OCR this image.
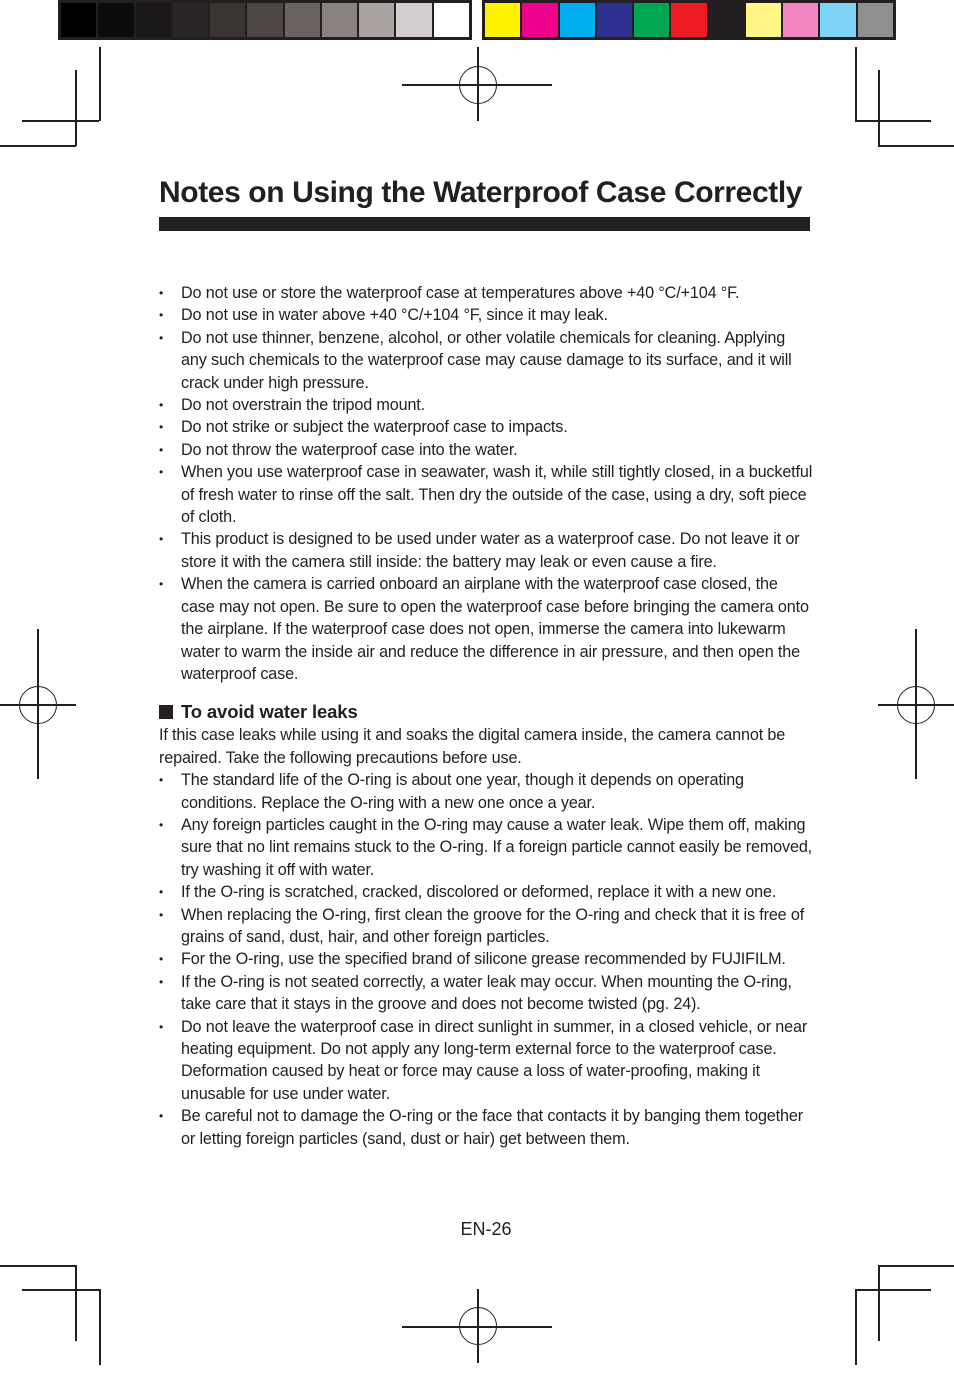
Notes on Using the Waterproof Case Correctly
•	Do not use or store the waterproof case at temperatures above +40 °C/+104 °F.
•	Do not use in water above +40 °C/+104 °F, since it may leak.
•	Do not use thinner, benzene, alcohol, or other volatile chemicals for cleaning. Applying any such chemicals to the waterproof case may cause damage to its surface, and it will crack under high pressure.
•	Do not overstrain the tripod mount.
•	Do not strike or subject the waterproof case to impacts.
•	Do not throw the waterproof case into the water.
•	When you use waterproof case in seawater, wash it, while still tightly closed, in a bucketful of fresh water to rinse off the salt. Then dry the outside of the case, using a dry, soft piece of cloth.
•	This product is designed to be used under water as a waterproof case. Do not leave it or store it with the camera still inside: the battery may leak or even cause a fire.
•	When the camera is carried onboard an airplane with the waterproof case closed, the case may not open. Be sure to open the waterproof case before bringing the camera onto the airplane. If the waterproof case does not open, immerse the camera into lukewarm water to warm the inside air and reduce the difference in air pressure, and then open the waterproof case.
To avoid water leaks

If this case leaks while using it and soaks the digital camera inside, the camera cannot be repaired. Take the following precautions before use.

•	The standard life of the O-ring is about one year, though it depends on operating conditions. Replace the O-ring with a new one once a year.
•	Any foreign particles caught in the O-ring may cause a water leak. Wipe them off, making sure that no lint remains stuck to the O-ring. If a foreign particle cannot easily be removed, try washing it off with water.
•	If the O-ring is scratched, cracked, discolored or deformed, replace it with a new one.
•	When replacing the O-ring, first clean the groove for the O-ring and check that it is free of grains of sand, dust, hair, and other foreign particles.
•	For the O-ring, use the specified brand of silicone grease recommended by FUJIFILM.
•	If the O-ring is not seated correctly, a water leak may occur. When mounting the O-ring, take care that it stays in the groove and does not become twisted (pg. 24).
•	Do not leave the waterproof case in direct sunlight in summer, in a closed vehicle, or near heating equipment. Do not apply any long-term external force to the waterproof case. Deformation caused by heat or force may cause a loss of water-proofing, making it unusable for use under water.
•	Be careful not to damage the O-ring or the face that contacts it by banging them together or letting foreign particles (sand, dust or hair) get between them.
EN-26
